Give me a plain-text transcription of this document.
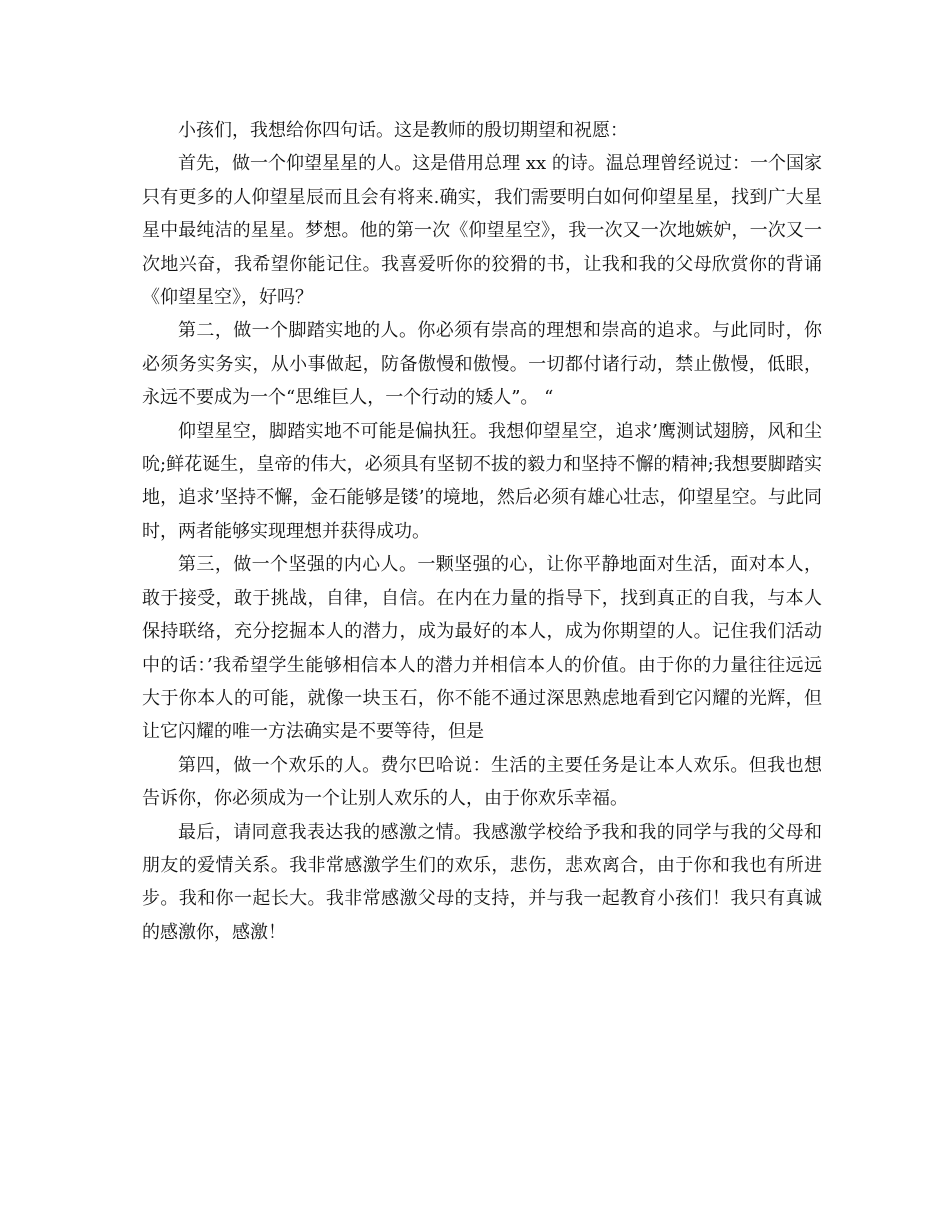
小孩们，我想给你四句话。这是教师的殷切期望和祝愿：

首先，做一个仰望星星的人。这是借用总理 xx 的诗。温总理曾经说过：一个国家只有更多的人仰望星辰而且会有将来.确实，我们需要明白如何仰望星星，找到广大星星中最纯洁的星星。梦想。他的第一次《仰望星空》，我一次又一次地嫉妒，一次又一次地兴奋，我希望你能记住。我喜爱听你的狡猾的书，让我和我的父母欣赏你的背诵《仰望星空》，好吗？

第二，做一个脚踏实地的人。你必须有崇高的理想和崇高的追求。与此同时，你必须务实务实，从小事做起，防备傲慢和傲慢。一切都付诸行动，禁止傲慢，低眼，永远不要成为一个“思维巨人，一个行动的矮人”。 “

仰望星空，脚踏实地不可能是偏执狂。我想仰望星空，追求’鹰测试翅膀，风和尘吮;鲜花诞生，皇帝的伟大，必须具有坚韧不拔的毅力和坚持不懈的精神;我想要脚踏实地，追求’坚持不懈，金石能够是镂’的境地，然后必须有雄心壮志，仰望星空。与此同时，两者能够实现理想并获得成功。

第三，做一个坚强的内心人。一颗坚强的心，让你平静地面对生活，面对本人，敢于接受，敢于挑战，自律，自信。在内在力量的指导下，找到真正的自我，与本人保持联络，充分挖掘本人的潜力，成为最好的本人，成为你期望的人。记住我们活动中的话：’我希望学生能够相信本人的潜力并相信本人的价值。由于你的力量往往远远大于你本人的可能，就像一块玉石，你不能不通过深思熟虑地看到它闪耀的光辉，但让它闪耀的唯一方法确实是不要等待，但是

第四，做一个欢乐的人。费尔巴哈说：生活的主要任务是让本人欢乐。但我也想告诉你，你必须成为一个让别人欢乐的人，由于你欢乐幸福。

最后，请同意我表达我的感激之情。我感激学校给予我和我的同学与我的父母和朋友的爱情关系。我非常感激学生们的欢乐，悲伤，悲欢离合，由于你和我也有所进步。我和你一起长大。我非常感激父母的支持，并与我一起教育小孩们！我只有真诚的感激你，感激！
